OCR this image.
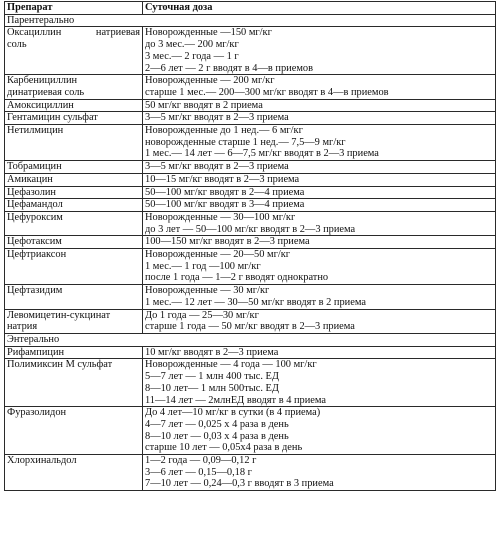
Препарат	Суточная доза
Парентерально	

Оксациллин натриевая
соль	Новорожденные —150 мг/кг
до 3 мес.— 200 мг/кг
3 мес.— 2 года — 1 г
2—6 лет — 2 г вводят в 4—в приемов

Карбенициллин
динатриевая соль	Новорожденные — 200 мг/кг
старше 1 мес.— 200—300 мг/кг вводят в 4—в приемов

Амоксициллин	50 мг/кг вводят в 2 приема

Гентамицин сульфат	3—5 мг/кг вводят в 2—3 приема

Нетилмицин	Новорожденные до 1 нед.— 6 мг/кг
новорожденные старше 1 нед.— 7,5—9 мг/кг
1 мес.— 14 лет — 6—7,5 мг/кг вводят в 2—3 приема

Тобрамицин	3—5 мг/кг вводят в 2—3 приема

Амикацин	10—15 мг/кг вводят в 2—3 приема

Цефазолин	50—100 мг/кг вводят в 2—4 приема

Цефамандол	50—100 мг/кг вводят в 3—4 приема

Цефуроксим	Новорожденные — 30—100 мг/кг
до 3 лет — 50—100 мг/кг вводят в 2—3 приема

Цефотаксим	100—150 мг/кг вводят в 2—3 приема

Цефтриаксон	Новорожденные — 20—50 мг/кг
1 мес.— 1 год —100 мг/кг
после 1 года — 1—2 г вводят однократно

Цефтазидим	Новорожденные — 30 мг/кг
1 мес.— 12 лет — 30—50 мг/кг вводят в 2 приема

Левомицетин-сукцинат
натрия	До 1 года — 25—30 мг/кг
старше 1 года — 50 мг/кг вводят в 2—3 приема

Энтерально	

Рифампицин	10 мг/кг вводят в 2—3 приема

Полимиксин М сульфат	Новорожденные — 4 года — 100 мг/кг
5—7 лет — 1 млн 400 тыс. ЕД
8—10 лет— 1 млн 500тыс. ЕД
11—14 лет — 2млнЕД вводят в 4 приема

Фуразолидон	До 4 лет—10 мг/кг в сутки (в 4 приема)
4—7 лет — 0,025 х 4 раза в день
8—10 лет — 0,03 х 4 раза в день
старше 10 лет — 0,05х4 раза в день

Хлорхинальдол	1—2 года — 0,09—0,12 г
3—6 лет — 0,15—0,18 г
7—10 лет — 0,24—0,3 г вводят в 3 приема
